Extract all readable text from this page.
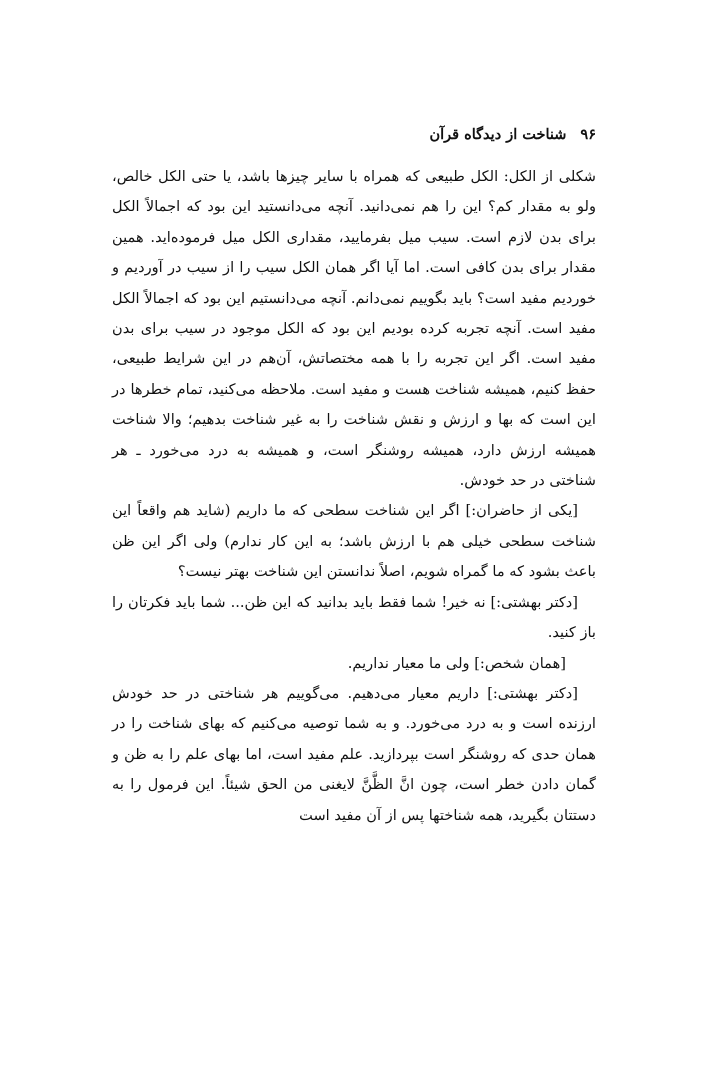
۹۶شناخت از دیدگاه قرآن

شکلی از الکل: الکل طبیعی که همراه با سایر چیزها باشد، یا حتی الکل خالص، ولو به مقدار کم؟ این را هم نمی‌دانید. آنچه می‌دانستید این بود که اجمالاً الکل برای بدن لازم است. سیب میل بفرمایید، مقداری الکل میل فرموده‌اید. همین مقدار برای بدن کافی است. اما آیا اگر همان الکل سیب را از سیب در آوردیم و خوردیم مفید است؟ باید بگوییم نمی‌دانم. آنچه می‌دانستیم این بود که اجمالاً الکل مفید است. آنچه تجربه کرده بودیم این بود که الکل موجود در سیب برای بدن مفید است. اگر این تجربه را با همه مختصاتش، آن‌هم در این شرایط طبیعی، حفظ کنیم، همیشه شناخت هست و مفید است. ملاحظه می‌کنید، تمام خطرها در این است که بها و ارزش و نقش شناخت را به غیر شناخت بدهیم؛ والا شناخت همیشه ارزش دارد، همیشه روشنگر است، و همیشه به درد می‌خورد ـ هر شناختی در حد خودش.

[یکی از حاضران:] اگر این شناخت سطحی که ما داریم (شاید هم واقعاً این شناخت سطحی خیلی هم با ارزش باشد؛ به این کار ندارم) ولی اگر این ظن باعث بشود که ما گمراه شویم، اصلاً ندانستن این شناخت بهتر نیست؟

[دکتر بهشتی:] نه خیر! شما فقط باید بدانید که این ظن... شما باید فکرتان را باز کنید.

[همان شخص:] ولی ما معیار نداریم.

[دکتر بهشتی:] داریم معیار می‌دهیم. می‌گوییم هر شناختی در حد خودش ارزنده است و به درد می‌خورد. و به شما توصیه می‌کنیم که بهای شناخت را در همان حدی که روشنگر است بپردازید. علم مفید است، اما بهای علم را به ظن و گمان دادن خطر است، چون انَّ الظَّنَّ لایغنی من الحق شیئاً. این فرمول را به دستتان بگیرید، همه شناختها پس از آن مفید است
